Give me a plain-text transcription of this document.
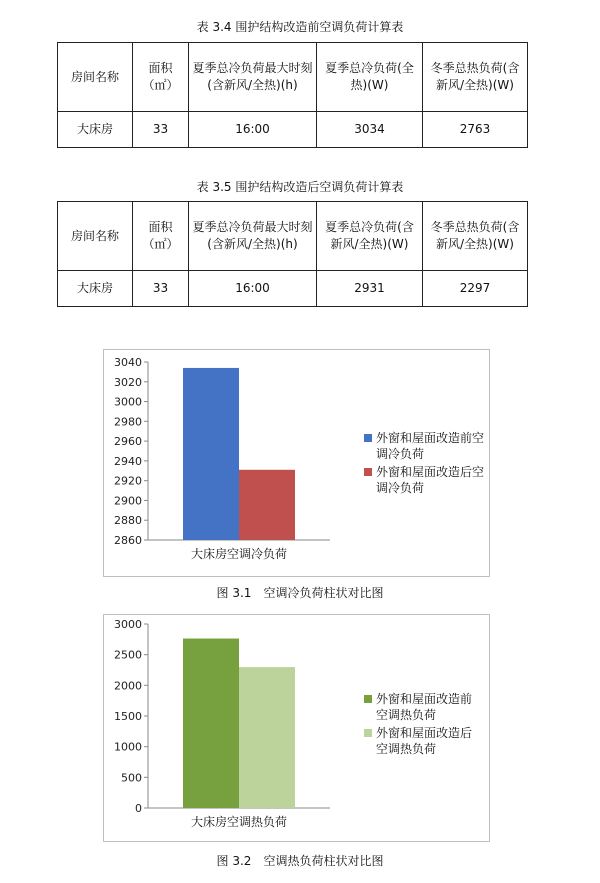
表 3.4 围护结构改造前空调负荷计算表
房间名称	面积（㎡）	夏季总冷负荷最大时刻(含新风/全热)(h)	夏季总冷负荷(全热)(W)	冬季总热负荷(含新风/全热)(W)
大床房	33	16:00	3034	2763
表 3.5 围护结构改造后空调负荷计算表
房间名称	面积（㎡）	夏季总冷负荷最大时刻(含新风/全热)(h)	夏季总冷负荷(含新风/全热)(W)	冬季总热负荷(含新风/全热)(W)
大床房	33	16:00	2931	2297
2860
2880
2900
2920
2940
2960
2980
3000
3020
3040
大床房空调冷负荷
外窗和屋面改造前空
调冷负荷
外窗和屋面改造后空
调冷负荷
图 3.1　空调冷负荷柱状对比图
0
500
1000
1500
2000
2500
3000
大床房空调热负荷
外窗和屋面改造前
空调热负荷
外窗和屋面改造后
空调热负荷
图 3.2　空调热负荷柱状对比图
